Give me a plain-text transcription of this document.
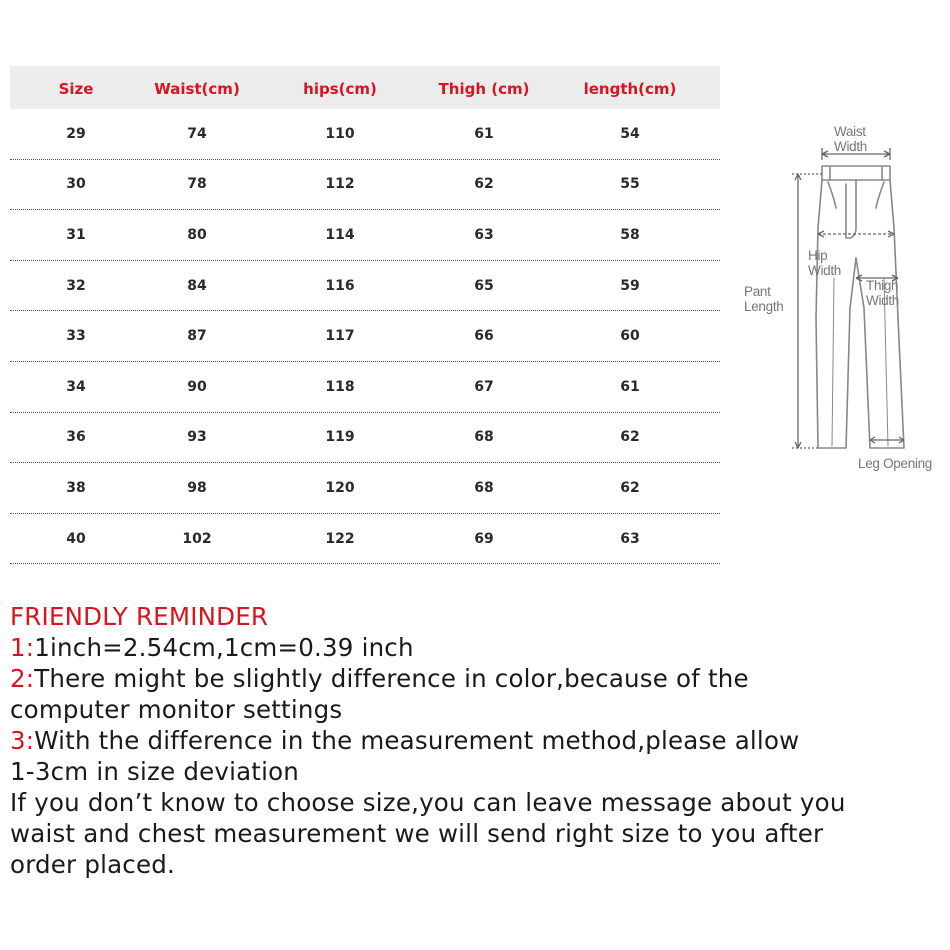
Size	Waist(cm)	hips(cm)	Thigh (cm)	length(cm)
29	74	110	61	54
30	78	112	62	55
31	80	114	63	58
32	84	116	65	59
33	87	117	66	60
34	90	118	67	61
36	93	119	68	62
38	98	120	68	62
40	102	122	69	63
Waist
Width
Hip
Width
Thigh
Width
Pant
Length
Leg Opening
FRIENDLY REMINDER
1:1inch=2.54cm,1cm=0.39 inch
2:There might be slightly difference in color,because of the
computer monitor settings
3:With the difference in the measurement method,please allow
1-3cm in size deviation
If you don’t know to choose size,you can leave message about you
waist and chest measurement we will send right size to you after
order placed.
